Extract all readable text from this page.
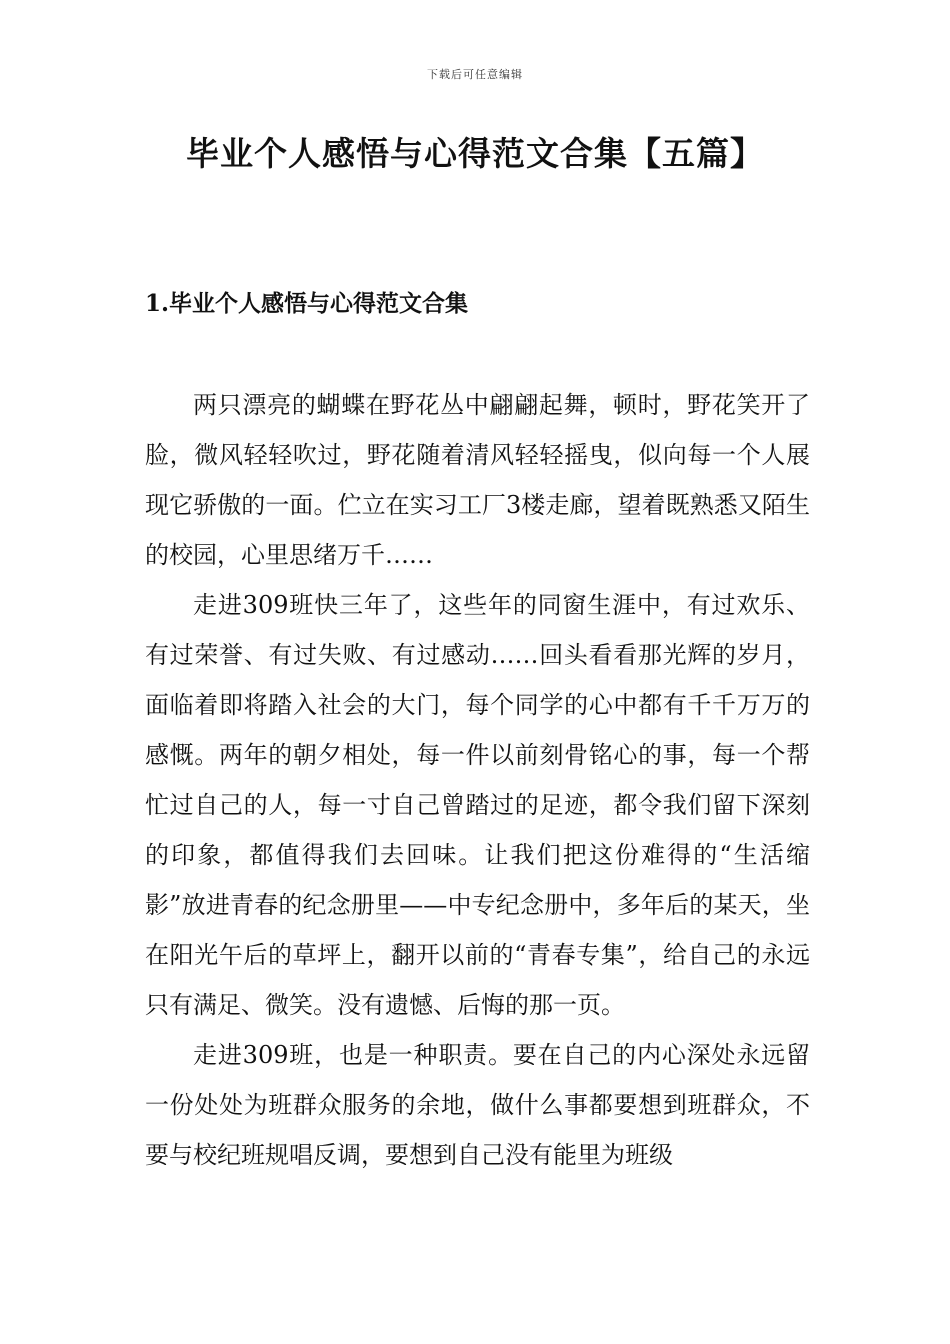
下载后可任意编辑
毕业个人感悟与心得范文合集【五篇】
1.毕业个人感悟与心得范文合集

两只漂亮的蝴蝶在野花丛中翩翩起舞，顿时，野花笑开了脸，微风轻轻吹过，野花随着清风轻轻摇曳，似向每一个人展现它骄傲的一面。伫立在实习工厂3楼走廊，望着既熟悉又陌生的校园，心里思绪万千……

走进309班快三年了，这些年的同窗生涯中，有过欢乐、有过荣誉、有过失败、有过感动……回头看看那光辉的岁月，面临着即将踏入社会的大门，每个同学的心中都有千千万万的感慨。两年的朝夕相处，每一件以前刻骨铭心的事，每一个帮忙过自己的人，每一寸自己曾踏过的足迹，都令我们留下深刻的印象，都值得我们去回味。让我们把这份难得的“生活缩影”放进青春的纪念册里——中专纪念册中，多年后的某天，坐在阳光午后的草坪上，翻开以前的“青春专集”，给自己的永远只有满足、微笑。没有遗憾、后悔的那一页。

走进309班，也是一种职责。要在自己的内心深处永远留一份处处为班群众服务的余地，做什么事都要想到班群众，不要与校纪班规唱反调，要想到自己没有能里为班级
